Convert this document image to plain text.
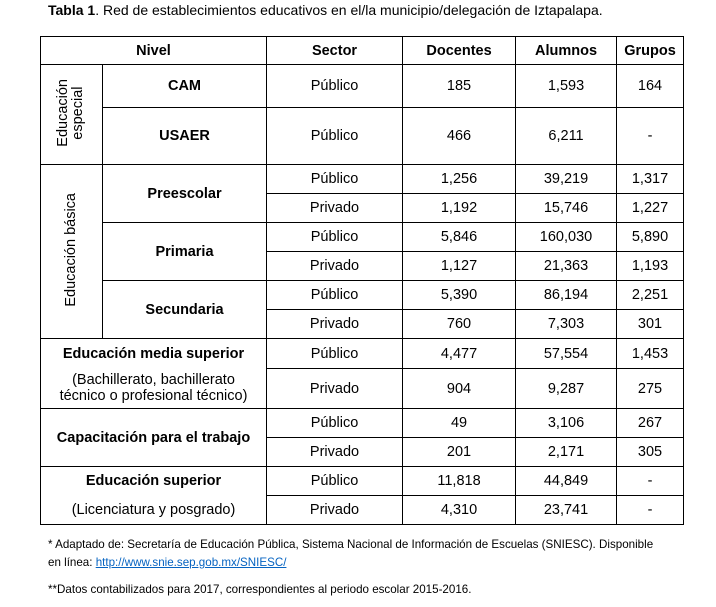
Tabla 1. Red de establecimientos educativos en el/la municipio/delegación de Iztapalapa.
Nivel		Sector	Docentes	Alumnos	Grupos
Educación
especial	CAM	Público	185	1,593	164
	USAER	Público	466	6,211	-
Educación básica	Preescolar	Público	1,256	39,219	1,317
		Privado	1,192	15,746	1,227
	Primaria	Público	5,846	160,030	5,890
		Privado	1,127	21,363	1,193
	Secundaria	Público	5,390	86,194	2,251
		Privado	760	7,303	301
Educación media superior		Público	4,477	57,554	1,453
(Bachillerato, bachillerato
técnico o profesional técnico)		Privado	904	9,287	275
Capacitación para el trabajo		Público	49	3,106	267
		Privado	201	2,171	305
Educación superior		Público	11,818	44,849	-
(Licenciatura y posgrado)		Privado	4,310	23,741	-
* Adaptado de: Secretaría de Educación Pública, Sistema Nacional de Información de Escuelas (SNIESC). Disponible
en línea: http://www.snie.sep.gob.mx/SNIESC/
**Datos contabilizados para 2017, correspondientes al periodo escolar 2015-2016.
